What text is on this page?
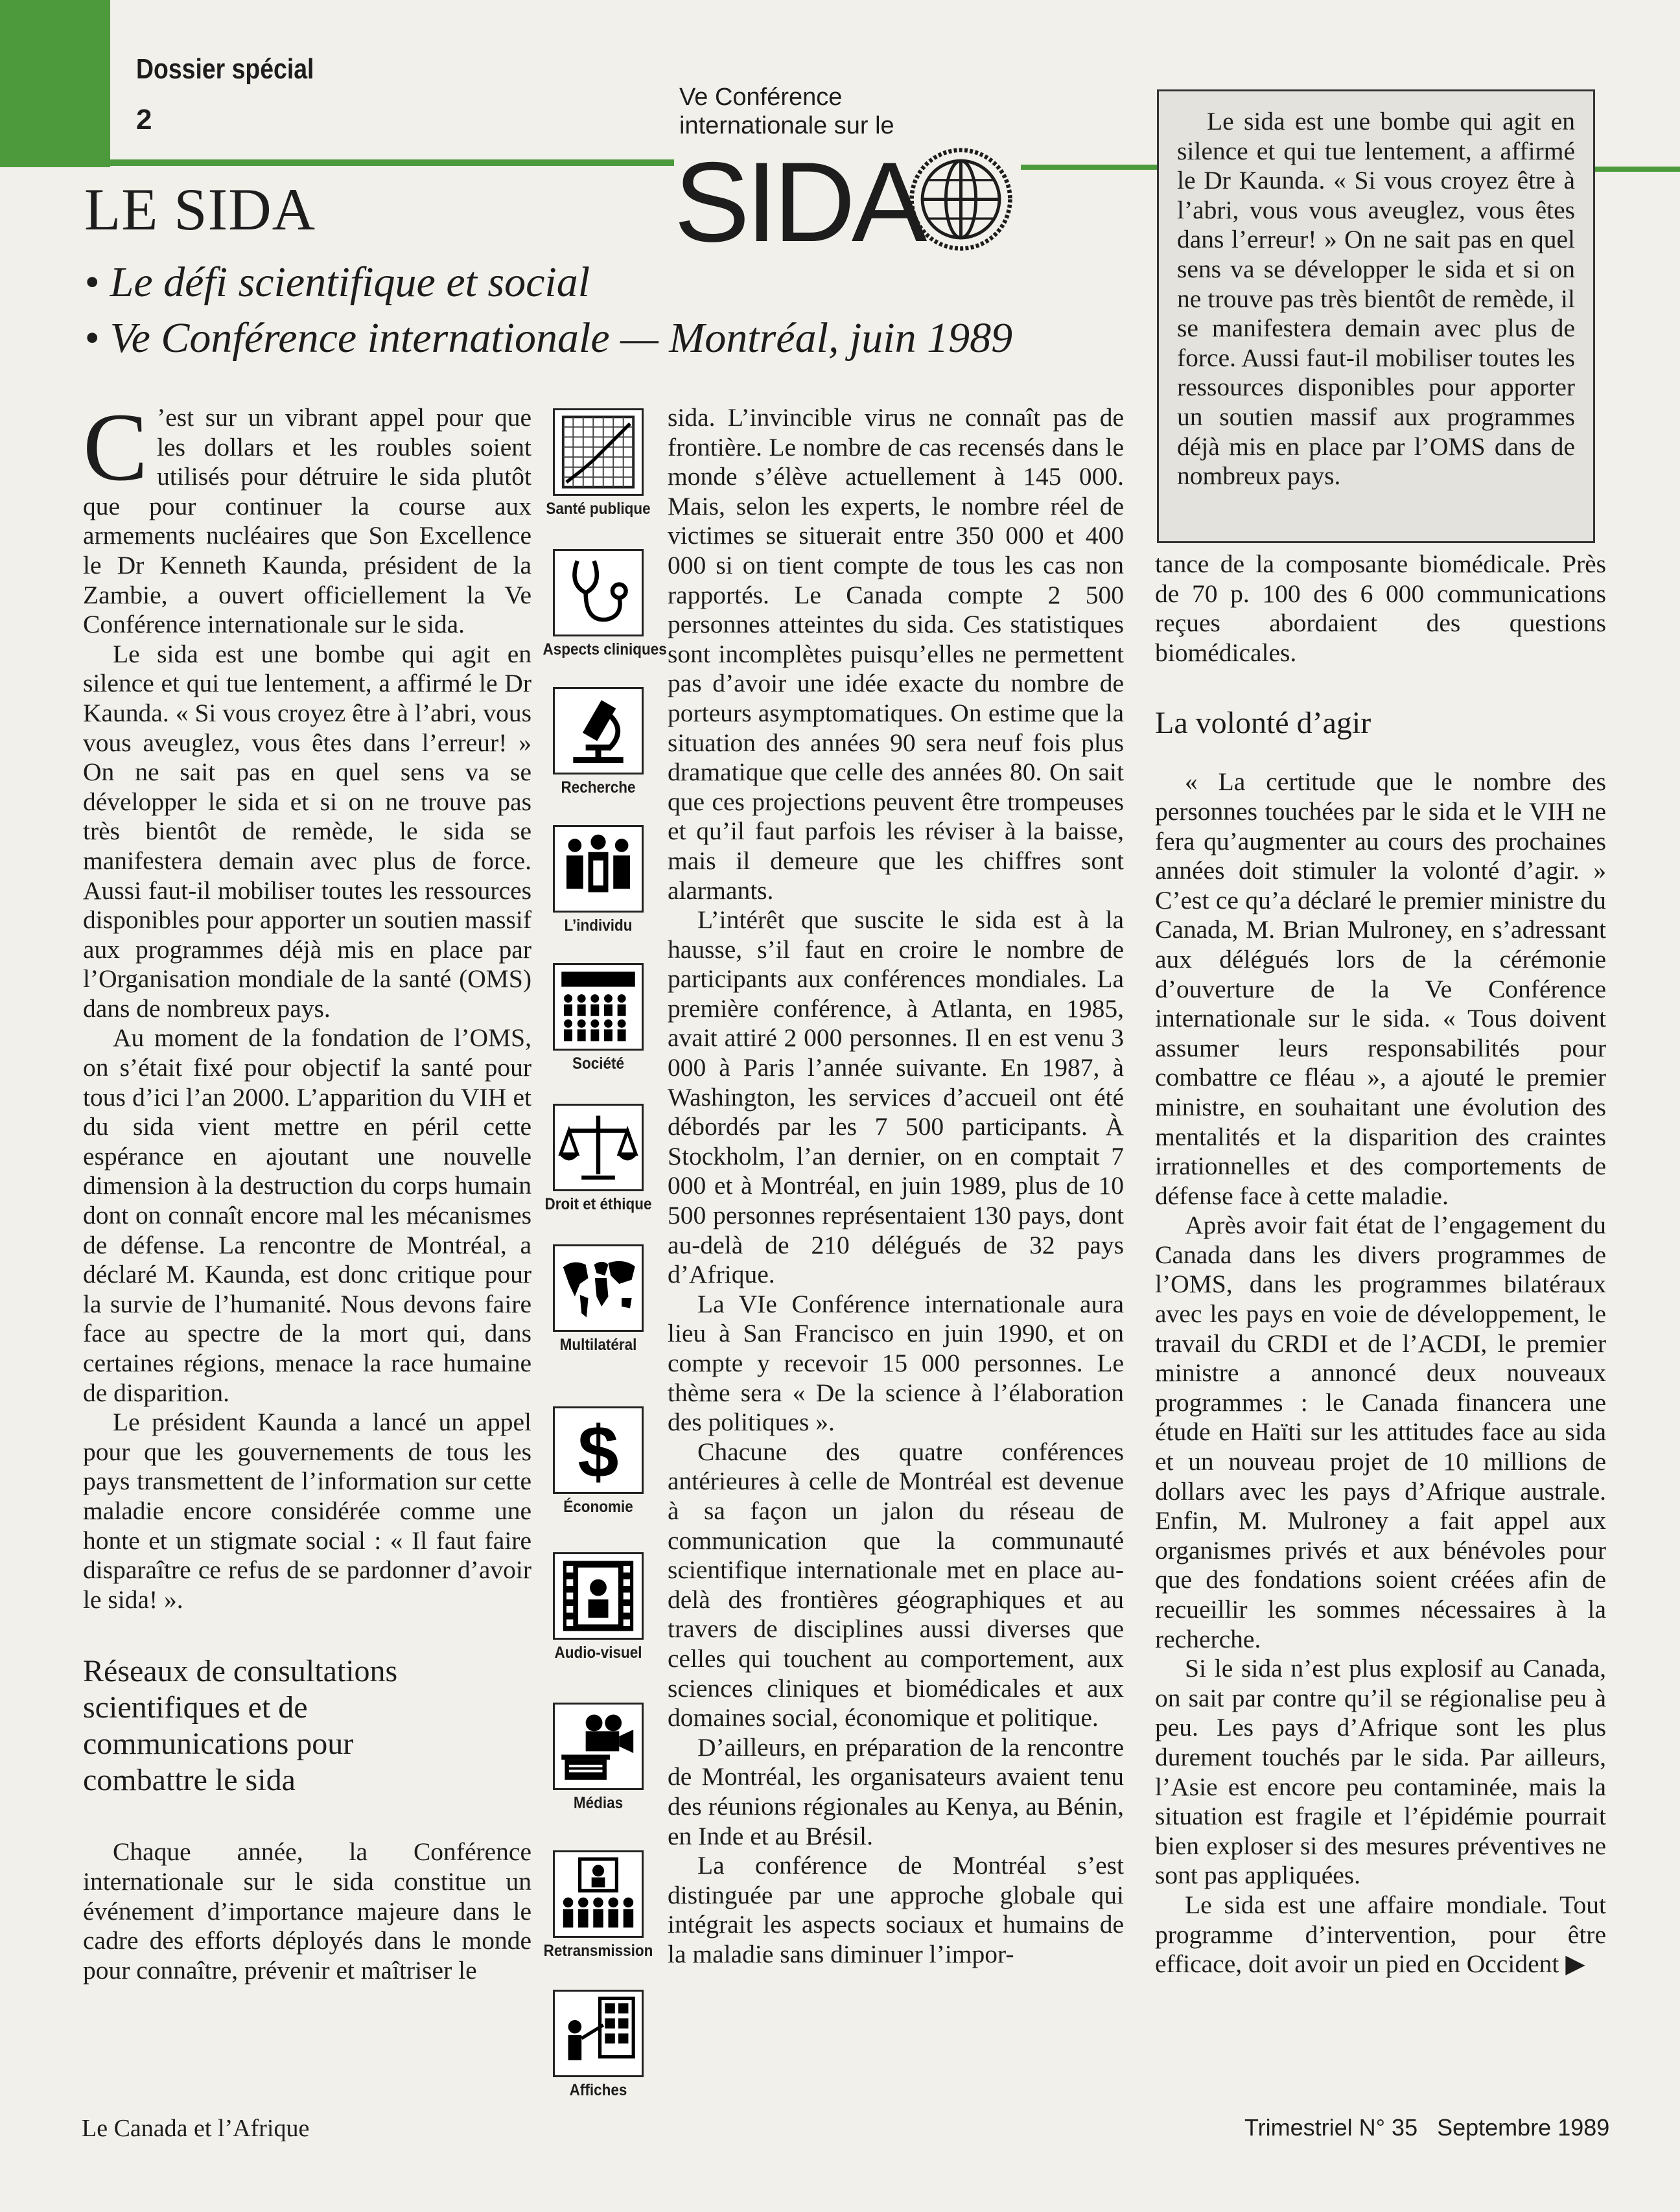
Dossier spécial
2
Ve Conférence
internationale sur le
SIDA
LE SIDA
• Le défi scientifique et social
• Ve Conférence internationale — Montréal, juin 1989

Le sida est une bombe qui agit en silence et qui tue lentement, a affirmé le Dr Kaunda. « Si vous croyez être à l’abri, vous vous aveuglez, vous êtes dans l’erreur! » On ne sait pas en quel sens va se développer le sida et si on ne trouve pas très bientôt de remède, il se manifestera demain avec plus de force. Aussi faut-il mobiliser toutes les ressources disponibles pour apporter un soutien massif aux programmes déjà mis en place par l’OMS dans de nombreux pays.

C ’est sur un vibrant appel pour que les dollars et les roubles soient utilisés pour détruire le sida plutôt que pour continuer la course aux armements nucléaires que Son Excellence le Dr Kenneth Kaunda, président de la Zambie, a ouvert officiellement la Ve Conférence internationale sur le sida.

Le sida est une bombe qui agit en silence et qui tue lentement, a affirmé le Dr Kaunda. « Si vous croyez être à l’abri, vous vous aveuglez, vous êtes dans l’erreur! » On ne sait pas en quel sens va se développer le sida et si on ne trouve pas très bientôt de remède, le sida se manifestera demain avec plus de force. Aussi faut-il mobiliser toutes les ressources disponibles pour apporter un soutien massif aux programmes déjà mis en place par l’Organisation mondiale de la santé (OMS) dans de nombreux pays.

Au moment de la fondation de l’OMS, on s’était fixé pour objectif la santé pour tous d’ici l’an 2000. L’apparition du VIH et du sida vient mettre en péril cette espérance en ajoutant une nouvelle dimension à la destruction du corps humain dont on connaît encore mal les mécanismes de défense. La rencontre de Montréal, a déclaré M. Kaunda, est donc critique pour la survie de l’humanité. Nous devons faire face au spectre de la mort qui, dans certaines régions, menace la race humaine de disparition.

Le président Kaunda a lancé un appel pour que les gouvernements de tous les pays transmettent de l’information sur cette maladie encore considérée comme une honte et un stigmate social : « Il faut faire disparaître ce refus de se pardonner d’avoir le sida! ».

Réseaux de consultations scientifiques et de communications pour combattre le sida

Chaque année, la Conférence internationale sur le sida constitue un événement d’importance majeure dans le cadre des efforts déployés dans le monde pour connaître, prévenir et maîtriser le

Santé publique
Aspects cliniques
Recherche
L’individu
Société
Droit et éthique
Multilatéral
$
Économie
Audio-visuel
Médias
Retransmission
Affiches

sida. L’invincible virus ne connaît pas de frontière. Le nombre de cas recensés dans le monde s’élève actuellement à 145 000. Mais, selon les experts, le nombre réel de victimes se situerait entre 350 000 et 400 000 si on tient compte de tous les cas non rapportés. Le Canada compte 2 500 personnes atteintes du sida. Ces statistiques sont incomplètes puisqu’elles ne permettent pas d’avoir une idée exacte du nombre de porteurs asymptomatiques. On estime que la situation des années 90 sera neuf fois plus dramatique que celle des années 80. On sait que ces projections peuvent être trompeuses et qu’il faut parfois les réviser à la baisse, mais il demeure que les chiffres sont alarmants.

L’intérêt que suscite le sida est à la hausse, s’il faut en croire le nombre de participants aux conférences mondiales. La première conférence, à Atlanta, en 1985, avait attiré 2 000 personnes. Il en est venu 3 000 à Paris l’année suivante. En 1987, à Washington, les services d’accueil ont été débordés par les 7 500 participants. À Stockholm, l’an dernier, on en comptait 7 000 et à Montréal, en juin 1989, plus de 10 500 personnes représentaient 130 pays, dont au-delà de 210 délégués de 32 pays d’Afrique.

La VIe Conférence internationale aura lieu à San Francisco en juin 1990, et on compte y recevoir 15 000 personnes. Le thème sera « De la science à l’élaboration des politiques ».

Chacune des quatre conférences antérieures à celle de Montréal est devenue à sa façon un jalon du réseau de communication que la communauté scientifique internationale met en place au-delà des frontières géographiques et au travers de disciplines aussi diverses que celles qui touchent au comportement, aux sciences cliniques et biomédicales et aux domaines social, économique et politique.

D’ailleurs, en préparation de la rencontre de Montréal, les organisateurs avaient tenu des réunions régionales au Kenya, au Bénin, en Inde et au Brésil.

La conférence de Montréal s’est distinguée par une approche globale qui intégrait les aspects sociaux et humains de la maladie sans diminuer l’impor-

tance de la composante biomédicale. Près de 70 p. 100 des 6 000 communications reçues abordaient des questions biomédicales.

La volonté d’agir

« La certitude que le nombre des personnes touchées par le sida et le VIH ne fera qu’augmenter au cours des prochaines années doit stimuler la volonté d’agir. » C’est ce qu’a déclaré le premier ministre du Canada, M. Brian Mulroney, en s’adressant aux délégués lors de la cérémonie d’ouverture de la Ve Conférence internationale sur le sida. « Tous doivent assumer leurs responsabilités pour combattre ce fléau », a ajouté le premier ministre, en souhaitant une évolution des mentalités et la disparition des craintes irrationnelles et des comportements de défense face à cette maladie.

Après avoir fait état de l’engagement du Canada dans les divers programmes de l’OMS, dans les programmes bilatéraux avec les pays en voie de développement, le travail du CRDI et de l’ACDI, le premier ministre a annoncé deux nouveaux programmes : le Canada financera une étude en Haïti sur les attitudes face au sida et un nouveau projet de 10 millions de dollars avec les pays d’Afrique australe. Enfin, M. Mulroney a fait appel aux organismes privés et aux bénévoles pour que des fondations soient créées afin de recueillir les sommes nécessaires à la recherche.

Si le sida n’est plus explosif au Canada, on sait par contre qu’il se régionalise peu à peu. Les pays d’Afrique sont les plus durement touchés par le sida. Par ailleurs, l’Asie est encore peu contaminée, mais la situation est fragile et l’épidémie pourrait bien exploser si des mesures préventives ne sont pas appliquées.

Le sida est une affaire mondiale. Tout programme d’intervention, pour être efficace, doit avoir un pied en Occident ▶

Le Canada et l’Afrique	Trimestriel N° 35   Septembre 1989
